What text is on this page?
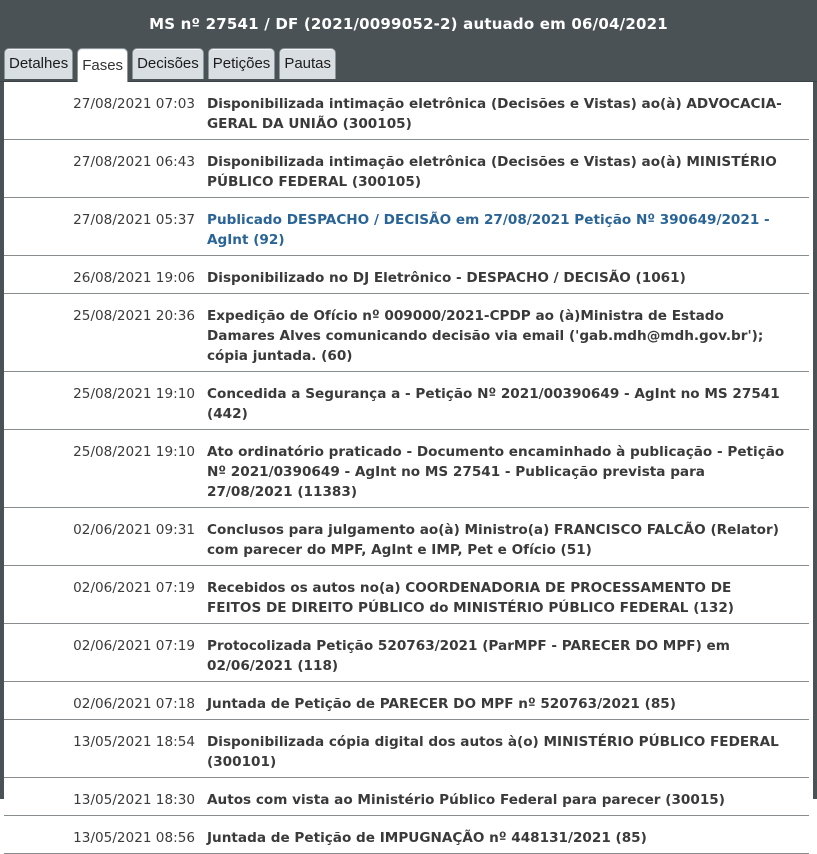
MS nº 27541 / DF (2021/0099052-2) autuado em 06/04/2021
Detalhes Fases Decisões Petições Pautas
27/08/2021 07:03 Disponibilizada intimação eletrônica (Decisões e Vistas) ao(à) ADVOCACIA-GERAL DA UNIÃO (300105)
27/08/2021 06:43 Disponibilizada intimação eletrônica (Decisões e Vistas) ao(à) MINISTÉRIO PÚBLICO FEDERAL (300105)
27/08/2021 05:37 Publicado DESPACHO / DECISÃO em 27/08/2021 Petição Nº 390649/2021 - AgInt (92)
26/08/2021 19:06 Disponibilizado no DJ Eletrônico - DESPACHO / DECISÃO (1061)
25/08/2021 20:36 Expedição de Ofício nº 009000/2021-CPDP ao (à)Ministra de Estado Damares Alves comunicando decisão via email ('gab.mdh@mdh.gov.br'); cópia juntada. (60)
25/08/2021 19:10 Concedida a Segurança a - Petição Nº 2021/00390649 - AgInt no MS 27541 (442)
25/08/2021 19:10 Ato ordinatório praticado - Documento encaminhado à publicação - Petição Nº 2021/0390649 - AgInt no MS 27541 - Publicação prevista para 27/08/2021 (11383)
02/06/2021 09:31 Conclusos para julgamento ao(à) Ministro(a) FRANCISCO FALCÃO (Relator) com parecer do MPF, AgInt e IMP, Pet e Ofício (51)
02/06/2021 07:19 Recebidos os autos no(a) COORDENADORIA DE PROCESSAMENTO DE FEITOS DE DIREITO PÚBLICO do MINISTÉRIO PÚBLICO FEDERAL (132)
02/06/2021 07:19 Protocolizada Petição 520763/2021 (ParMPF - PARECER DO MPF) em 02/06/2021 (118)
02/06/2021 07:18 Juntada de Petição de PARECER DO MPF nº 520763/2021 (85)
13/05/2021 18:54 Disponibilizada cópia digital dos autos à(o) MINISTÉRIO PÚBLICO FEDERAL (300101)
13/05/2021 18:30 Autos com vista ao Ministério Público Federal para parecer (30015)
13/05/2021 08:56 Juntada de Petição de IMPUGNAÇÃO nº 448131/2021 (85)
